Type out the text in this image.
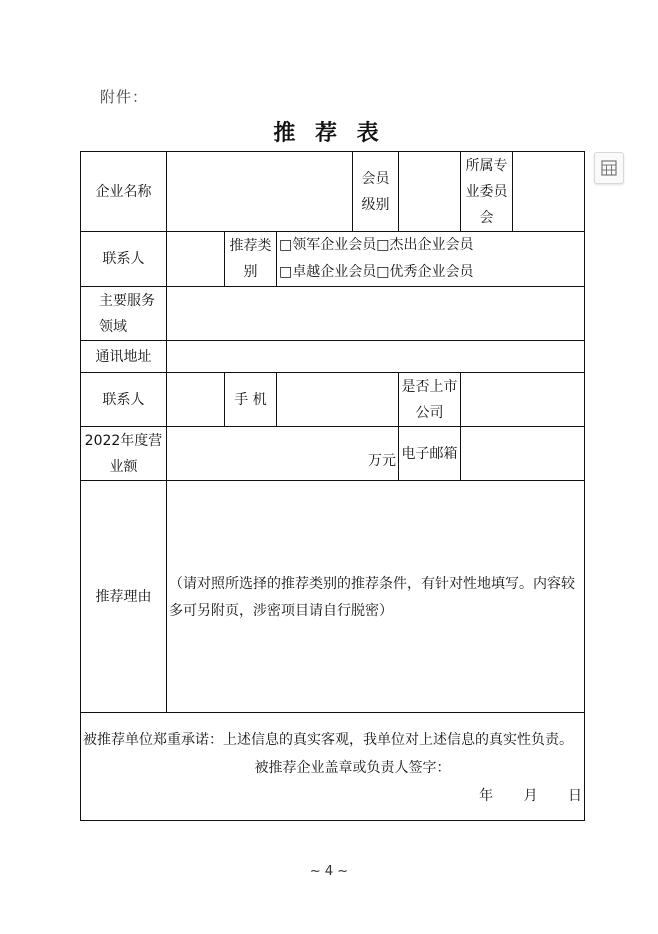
附件：
推 荐 表
企业名称				会员级别		所属专业委员会	
联系人		推荐类别	□领军企业会员□杰出企业会员
□卓越企业会员□优秀企业会员				

主要服务领域							
通讯地址							
联系人		手 机			是否上市公司		
2022年度营业额	万元				电子邮箱		
推荐理由	（请对照所选择的推荐类别的推荐条件，有针对性地填写。内容较多可另附页，涉密项目请自行脱密）						

被推荐单位郑重承诺：上述信息的真实客观，我单位对上述信息的真实性负责。
被推荐企业盖章或负责人签字：
年 月 日							
~ 4 ~
